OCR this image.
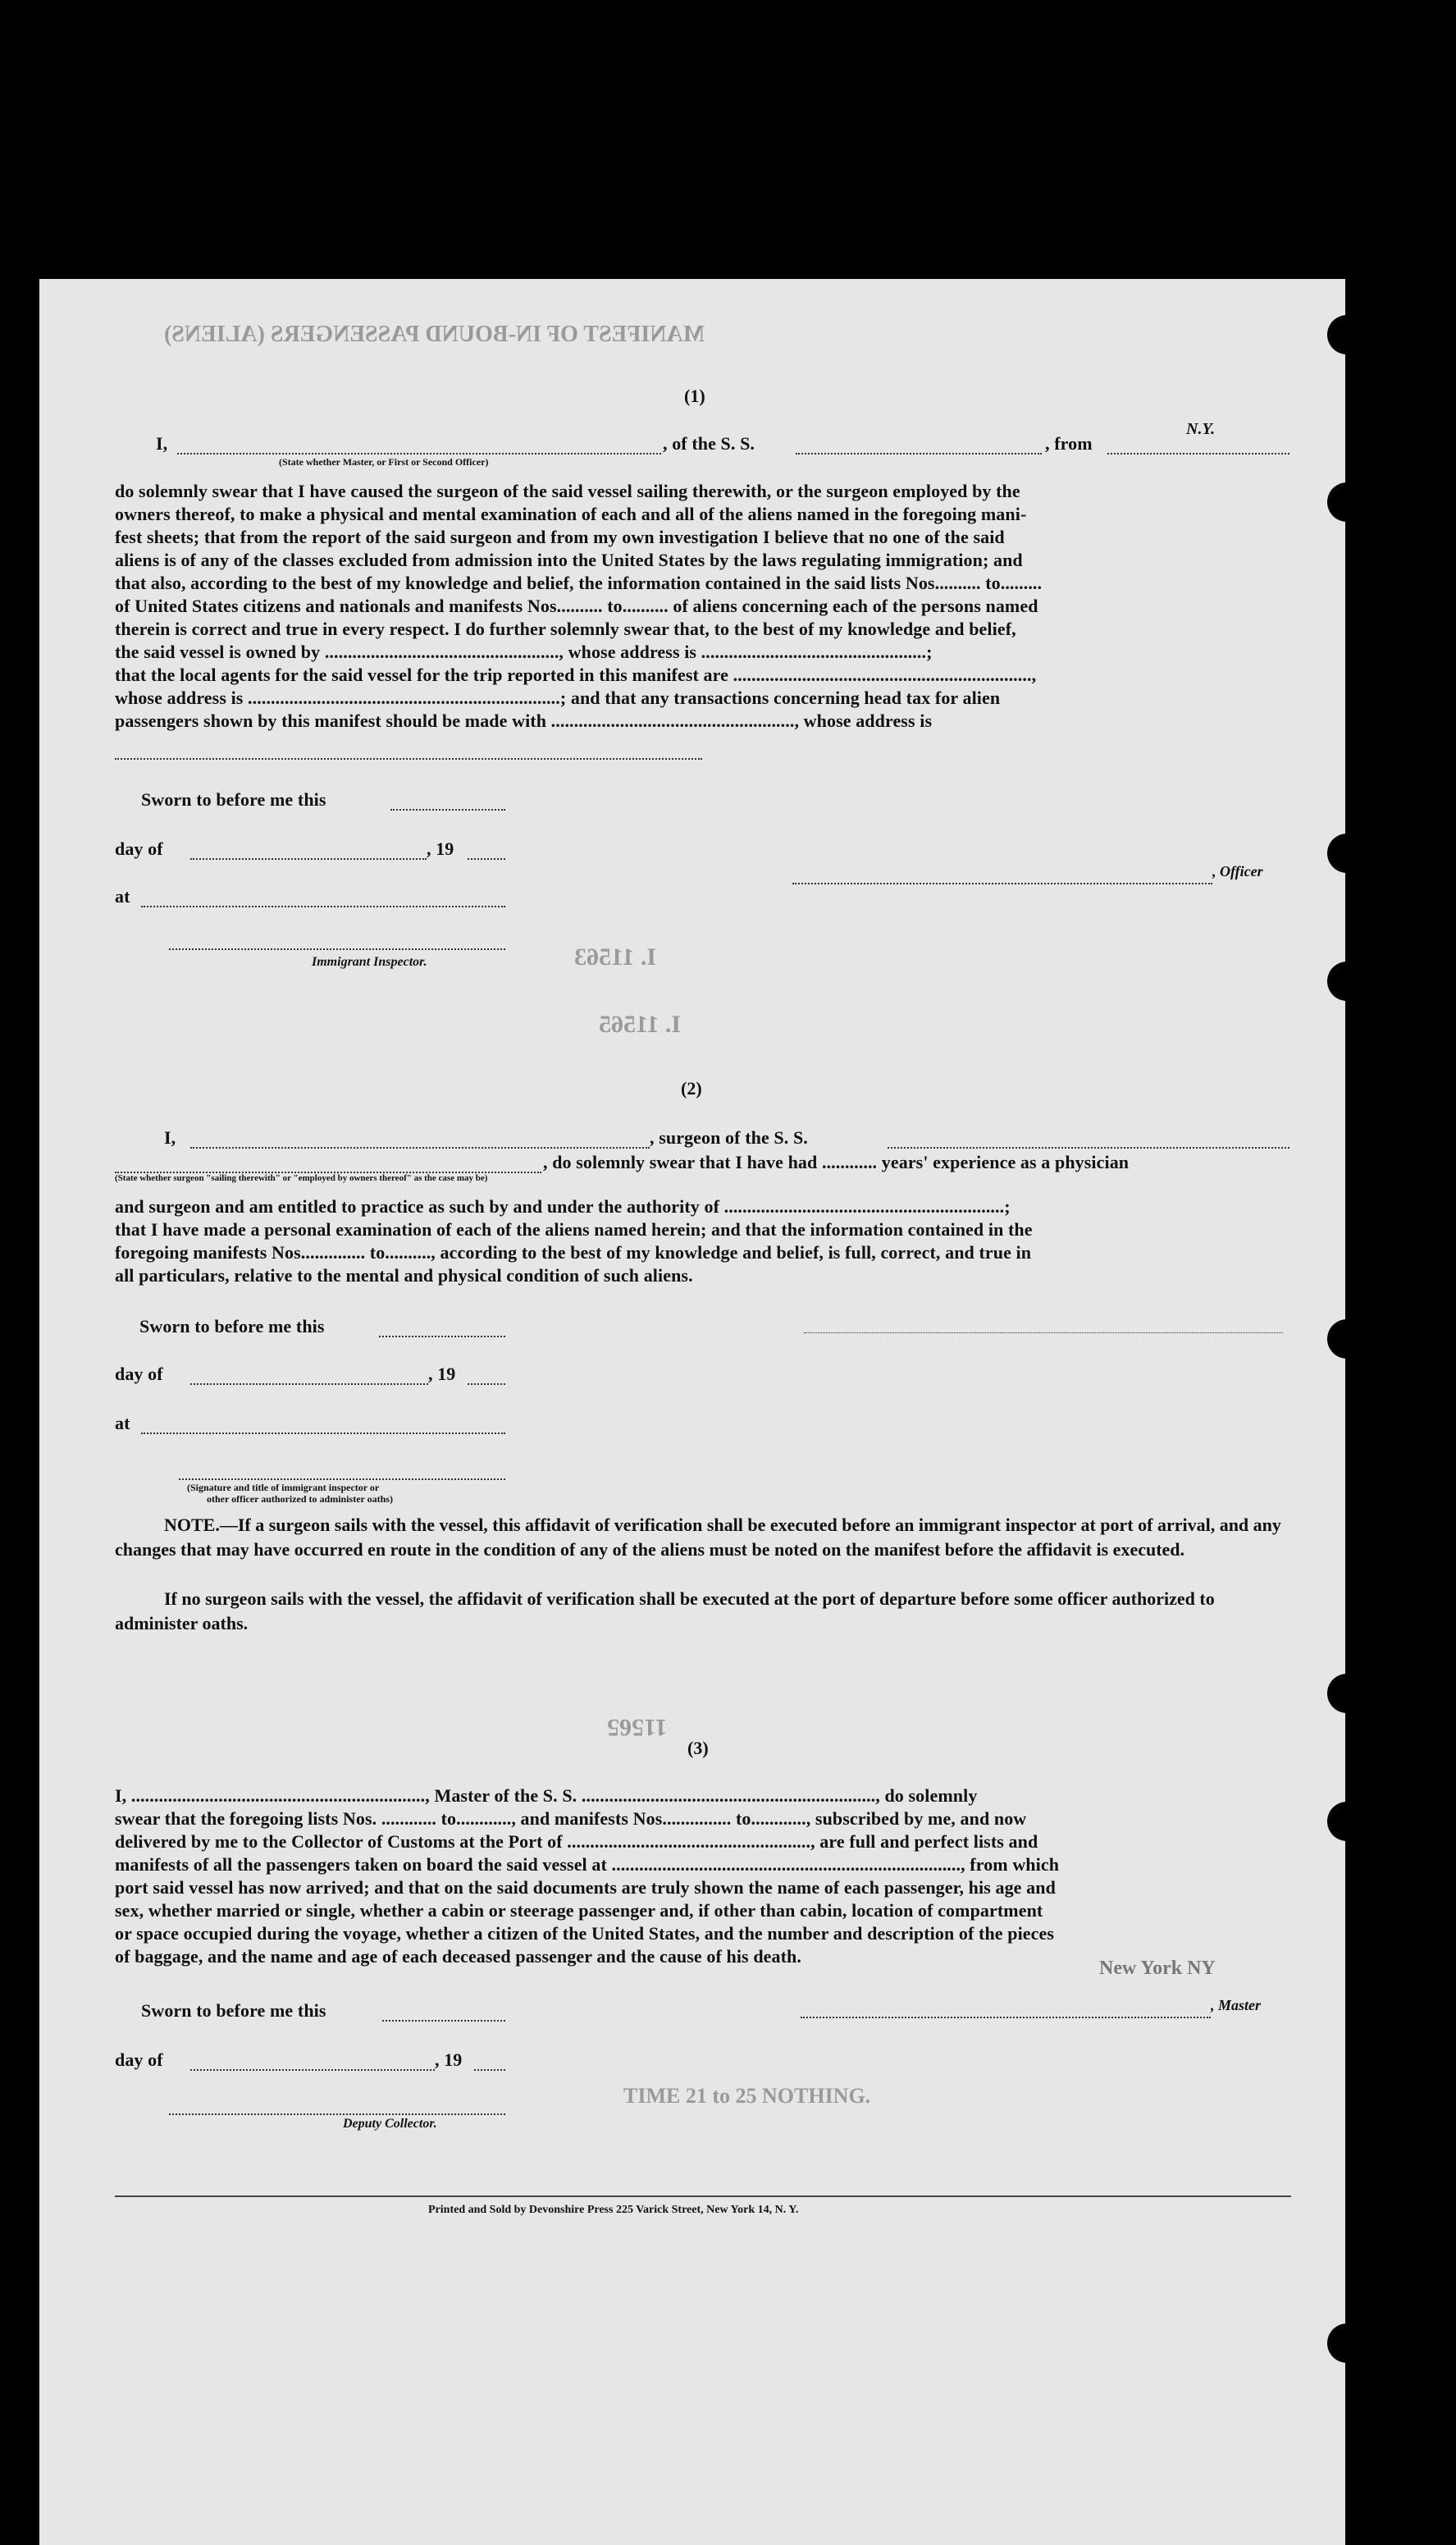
MANIFEST OF IN-BOUND PASSENGERS (ALIENS)
I. 11563
I. 11565
11565
New York NY
TIME 21 to 25 NOTHING.
(1)
I,
N.Y.
, of the S. S.	, from
(State whether Master, or First or Second Officer)
do solemnly swear that I have caused the surgeon of the said vessel sailing therewith, or the surgeon employed by the
owners thereof, to make a physical and mental examination of each and all of the aliens named in the foregoing mani-
fest sheets; that from the report of the said surgeon and from my own investigation I believe that no one of the said
aliens is of any of the classes excluded from admission into the United States by the laws regulating immigration; and
that also, according to the best of my knowledge and belief, the information contained in the said lists Nos.......... to.........
of United States citizens and nationals and manifests Nos.......... to.......... of aliens concerning each of the persons named
therein is correct and true in every respect. I do further solemnly swear that, to the best of my knowledge and belief,
the said vessel is owned by ..................................................., whose address is .................................................;
that the local agents for the said vessel for the trip reported in this manifest are .................................................................,
whose address is ....................................................................; and that any transactions concerning head tax for alien
passengers shown by this manifest should be made with ....................................................., whose address is
Sworn to before me this
day of	, 19
at
, Officer
Immigrant Inspector.
(2)
I,	, surgeon of the S. S.
, do solemnly swear that I have had ............ years' experience as a physician
(State whether surgeon "sailing therewith" or "employed by owners thereof" as the case may be)
and surgeon and am entitled to practice as such by and under the authority of .............................................................;
that I have made a personal examination of each of the aliens named herein; and that the information contained in the
foregoing manifests Nos.............. to.........., according to the best of my knowledge and belief, is full, correct, and true in
all particulars, relative to the mental and physical condition of such aliens.
Sworn to before me this
day of	, 19
at
(Signature and title of immigrant inspector or
other officer authorized to administer oaths)
NOTE.—If a surgeon sails with the vessel, this affidavit of verification shall be executed before an immigrant inspector at port of arrival, and any changes that may have occurred en route in the condition of any of the aliens must be noted on the manifest before the affidavit is executed.
If no surgeon sails with the vessel, the affidavit of verification shall be executed at the port of departure before some officer authorized to administer oaths.
(3)
I, ................................................................, Master of the S. S. ................................................................, do solemnly
swear that the foregoing lists Nos. ............ to............, and manifests Nos............... to............, subscribed by me, and now
delivered by me to the Collector of Customs at the Port of ....................................................., are full and perfect lists and
manifests of all the passengers taken on board the said vessel at ............................................................................, from which
port said vessel has now arrived; and that on the said documents are truly shown the name of each passenger, his age and
sex, whether married or single, whether a cabin or steerage passenger and, if other than cabin, location of compartment
or space occupied during the voyage, whether a citizen of the United States, and the number and description of the pieces
of baggage, and the name and age of each deceased passenger and the cause of his death.
Sworn to before me this	, Master
day of	, 19
Deputy Collector.
Printed and Sold by Devonshire Press 225 Varick Street, New York 14, N. Y.
